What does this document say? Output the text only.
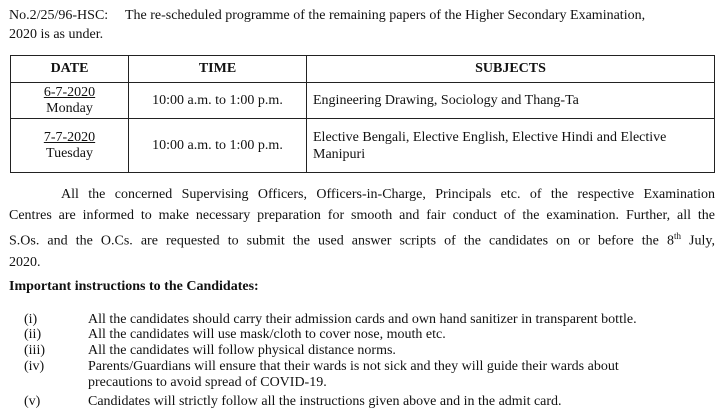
No.2/25/96-HSC: The re-scheduled programme of the remaining papers of the Higher Secondary Examination,
2020 is as under.
DATE	TIME	SUBJECTS

6-7-2020
Monday	10:00 a.m. to 1:00 p.m.	Engineering Drawing, Sociology and Thang-Ta

7-7-2020
Tuesday	10:00 a.m. to 1:00 p.m.	Elective Bengali, Elective English, Elective Hindi and Elective Manipuri
All the concerned Supervising Officers, Officers-in-Charge, Principals etc. of the respective Examination
Centres are informed to make necessary preparation for smooth and fair conduct of the examination. Further, all the
S.Os. and the O.Cs. are requested to submit the used answer scripts of the candidates on or before the 8th July,
2020.
Important instructions to the Candidates:
(i)	All the candidates should carry their admission cards and own hand sanitizer in transparent bottle.
(ii)	All the candidates will use mask/cloth to cover nose, mouth etc.
(iii)	All the candidates will follow physical distance norms.
(iv)	Parents/Guardians will ensure that their wards is not sick and they will guide their wards about
precautions to avoid spread of COVID-19.
(v)	Candidates will strictly follow all the instructions given above and in the admit card.
